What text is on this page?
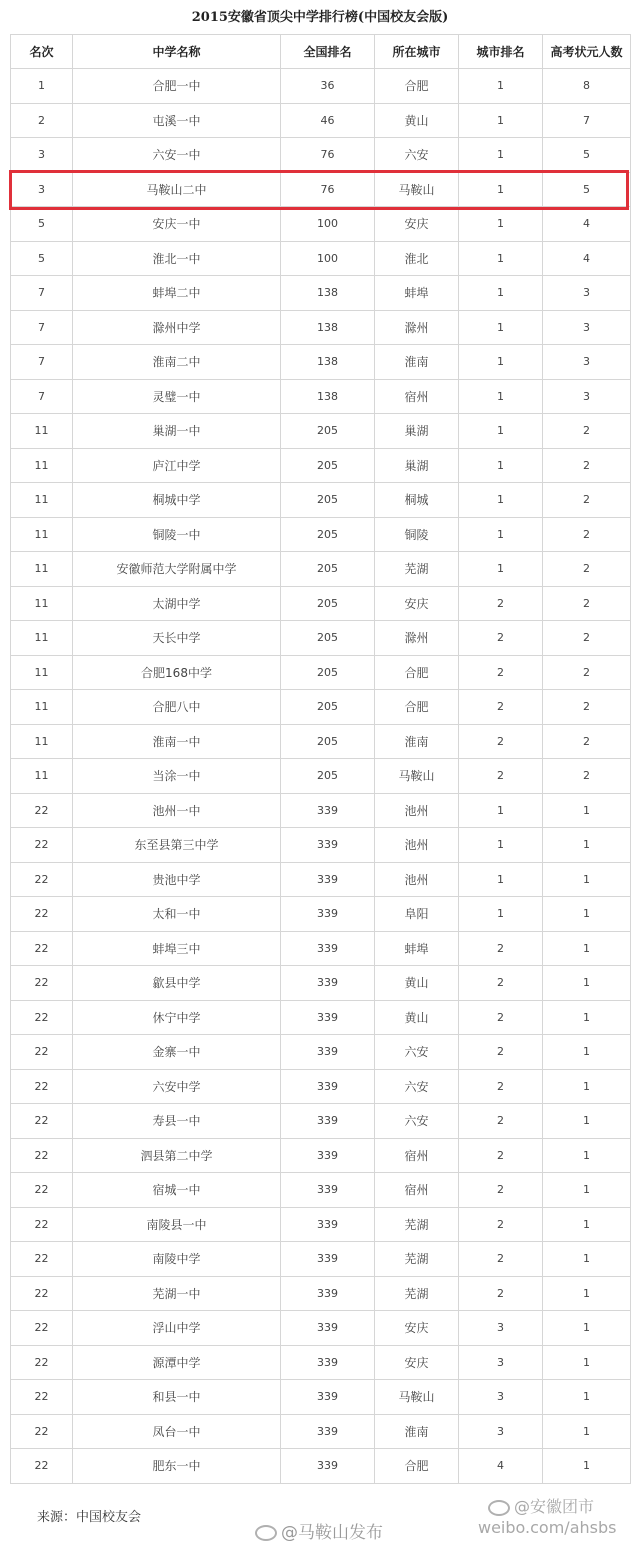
2015安徽省顶尖中学排行榜(中国校友会版)
名次	中学名称	全国排名	所在城市	城市排名	高考状元人数
1	合肥一中	36	合肥	1	8
2	屯溪一中	46	黄山	1	7
3	六安一中	76	六安	1	5
3	马鞍山二中	76	马鞍山	1	5
5	安庆一中	100	安庆	1	4
5	淮北一中	100	淮北	1	4
7	蚌埠二中	138	蚌埠	1	3
7	滁州中学	138	滁州	1	3
7	淮南二中	138	淮南	1	3
7	灵璧一中	138	宿州	1	3
11	巢湖一中	205	巢湖	1	2
11	庐江中学	205	巢湖	1	2
11	桐城中学	205	桐城	1	2
11	铜陵一中	205	铜陵	1	2
11	安徽师范大学附属中学	205	芜湖	1	2
11	太湖中学	205	安庆	2	2
11	天长中学	205	滁州	2	2
11	合肥168中学	205	合肥	2	2
11	合肥八中	205	合肥	2	2
11	淮南一中	205	淮南	2	2
11	当涂一中	205	马鞍山	2	2
22	池州一中	339	池州	1	1
22	东至县第三中学	339	池州	1	1
22	贵池中学	339	池州	1	1
22	太和一中	339	阜阳	1	1
22	蚌埠三中	339	蚌埠	2	1
22	歙县中学	339	黄山	2	1
22	休宁中学	339	黄山	2	1
22	金寨一中	339	六安	2	1
22	六安中学	339	六安	2	1
22	寿县一中	339	六安	2	1
22	泗县第二中学	339	宿州	2	1
22	宿城一中	339	宿州	2	1
22	南陵县一中	339	芜湖	2	1
22	南陵中学	339	芜湖	2	1
22	芜湖一中	339	芜湖	2	1
22	浮山中学	339	安庆	3	1
22	源潭中学	339	安庆	3	1
22	和县一中	339	马鞍山	3	1
22	凤台一中	339	淮南	3	1
22	肥东一中	339	合肥	4	1
来源：中国校友会
@马鞍山发布
@安徽团市
weibo.com/ahsbs
